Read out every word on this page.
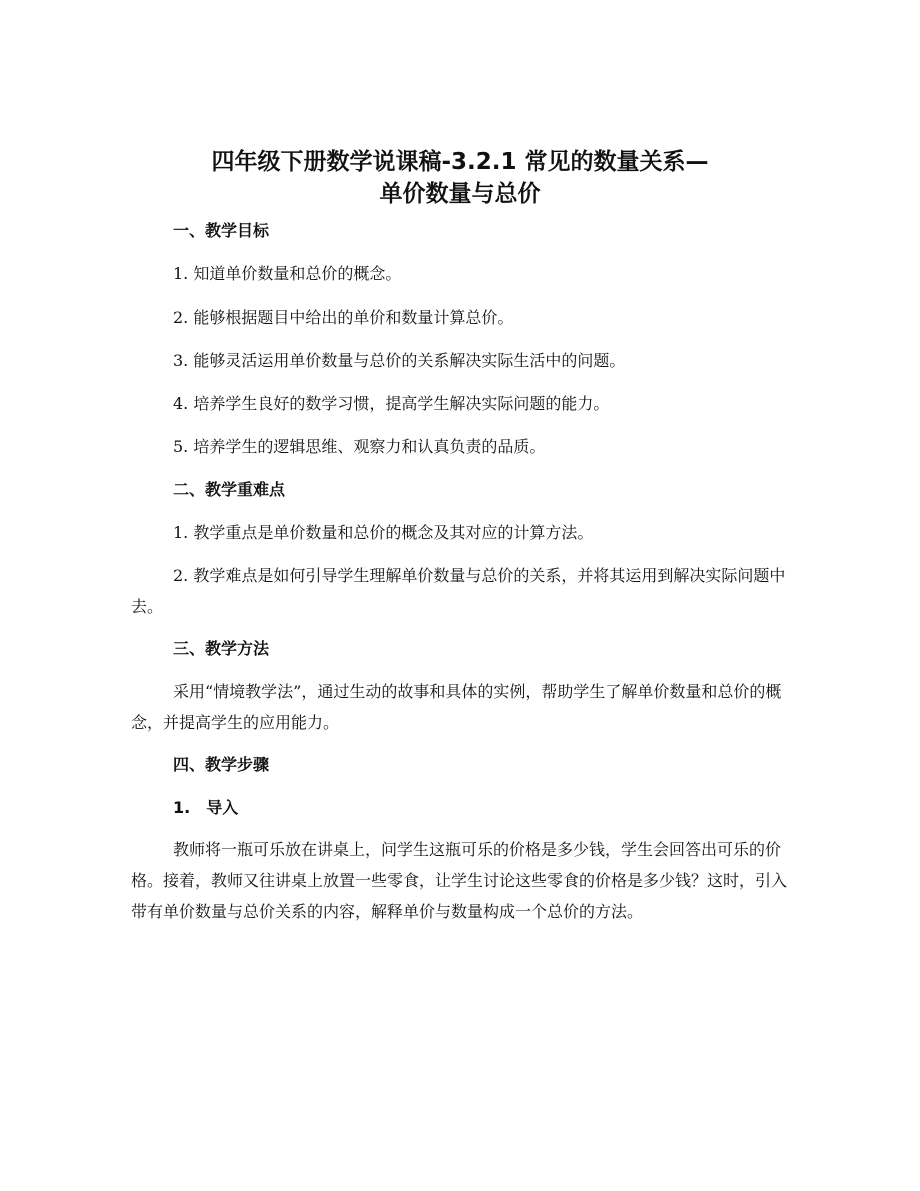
四年级下册数学说课稿-3.2.1 常见的数量关系—
单价数量与总价
一、教学目标

1. 知道单价数量和总价的概念。

2. 能够根据题目中给出的单价和数量计算总价。

3. 能够灵活运用单价数量与总价的关系解决实际生活中的问题。

4. 培养学生良好的数学习惯，提高学生解决实际问题的能力。

5. 培养学生的逻辑思维、观察力和认真负责的品质。

二、教学重难点

1. 教学重点是单价数量和总价的概念及其对应的计算方法。

2. 教学难点是如何引导学生理解单价数量与总价的关系，并将其运用到解决实际问题中去。

三、教学方法

采用“情境教学法”，通过生动的故事和具体的实例，帮助学生了解单价数量和总价的概念，并提高学生的应用能力。

四、教学步骤
1.　导入

教师将一瓶可乐放在讲桌上，问学生这瓶可乐的价格是多少钱，学生会回答出可乐的价格。接着，教师又往讲桌上放置一些零食，让学生讨论这些零食的价格是多少钱？这时，引入带有单价数量与总价关系的内容，解释单价与数量构成一个总价的方法。
